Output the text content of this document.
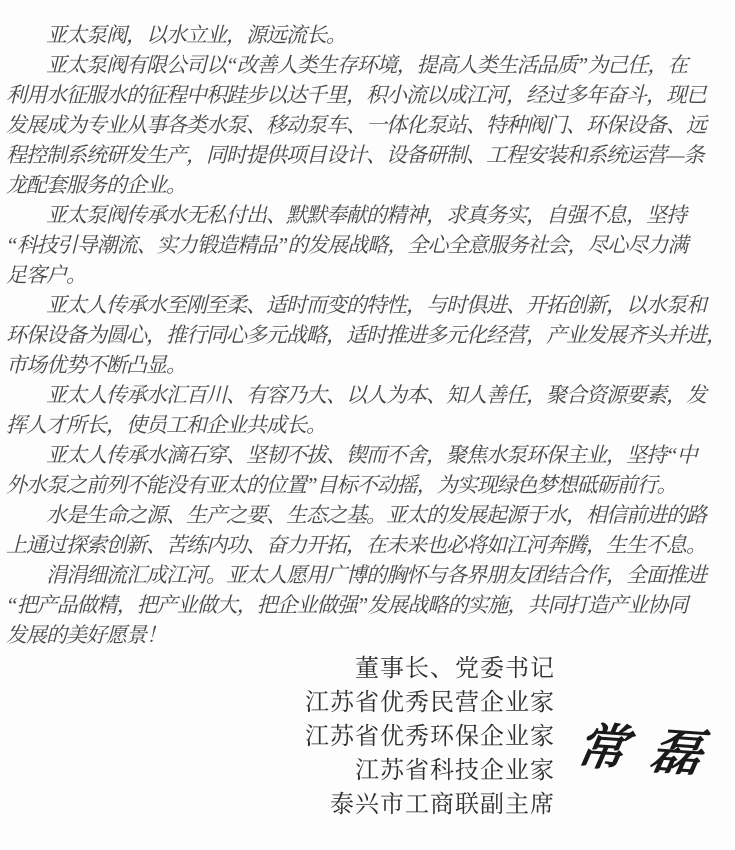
亚太泵阀，以水立业，源远流长。
亚太泵阀有限公司以“改善人类生存环境，提高人类生活品质”为己任，在
利用水征服水的征程中积跬步以达千里，积小流以成江河，经过多年奋斗，现已
发展成为专业从事各类水泵、移动泵车、一体化泵站、特种阀门、环保设备、远
程控制系统研发生产，同时提供项目设计、设备研制、工程安装和系统运营—条
龙配套服务的企业。
亚太泵阀传承水无私付出、默默奉献的精神，求真务实，自强不息，坚持
“科技引导潮流、实力锻造精品”的发展战略，全心全意服务社会，尽心尽力满
足客户。
亚太人传承水至刚至柔、适时而变的特性，与时俱进、开拓创新，以水泵和
环保设备为圆心，推行同心多元战略，适时推进多元化经营，产业发展齐头并进，
市场优势不断凸显。
亚太人传承水汇百川、有容乃大、以人为本、知人善任，聚合资源要素，发
挥人才所长，使员工和企业共成长。
亚太人传承水滴石穿、坚韧不拔、锲而不舍，聚焦水泵环保主业，坚持“中
外水泵之前列不能没有亚太的位置”目标不动摇，为实现绿色梦想砥砺前行。
水是生命之源、生产之要、生态之基。亚太的发展起源于水，相信前进的路
上通过探索创新、苦练内功、奋力开拓，在未来也必将如江河奔腾，生生不息。
涓涓细流汇成江河。亚太人愿用广博的胸怀与各界朋友团结合作，全面推进
“把产品做精，把产业做大，把企业做强”发展战略的实施，共同打造产业协同
发展的美好愿景！
董事长、党委书记
江苏省优秀民营企业家
江苏省优秀环保企业家
江苏省科技企业家
泰兴市工商联副主席
常 磊
